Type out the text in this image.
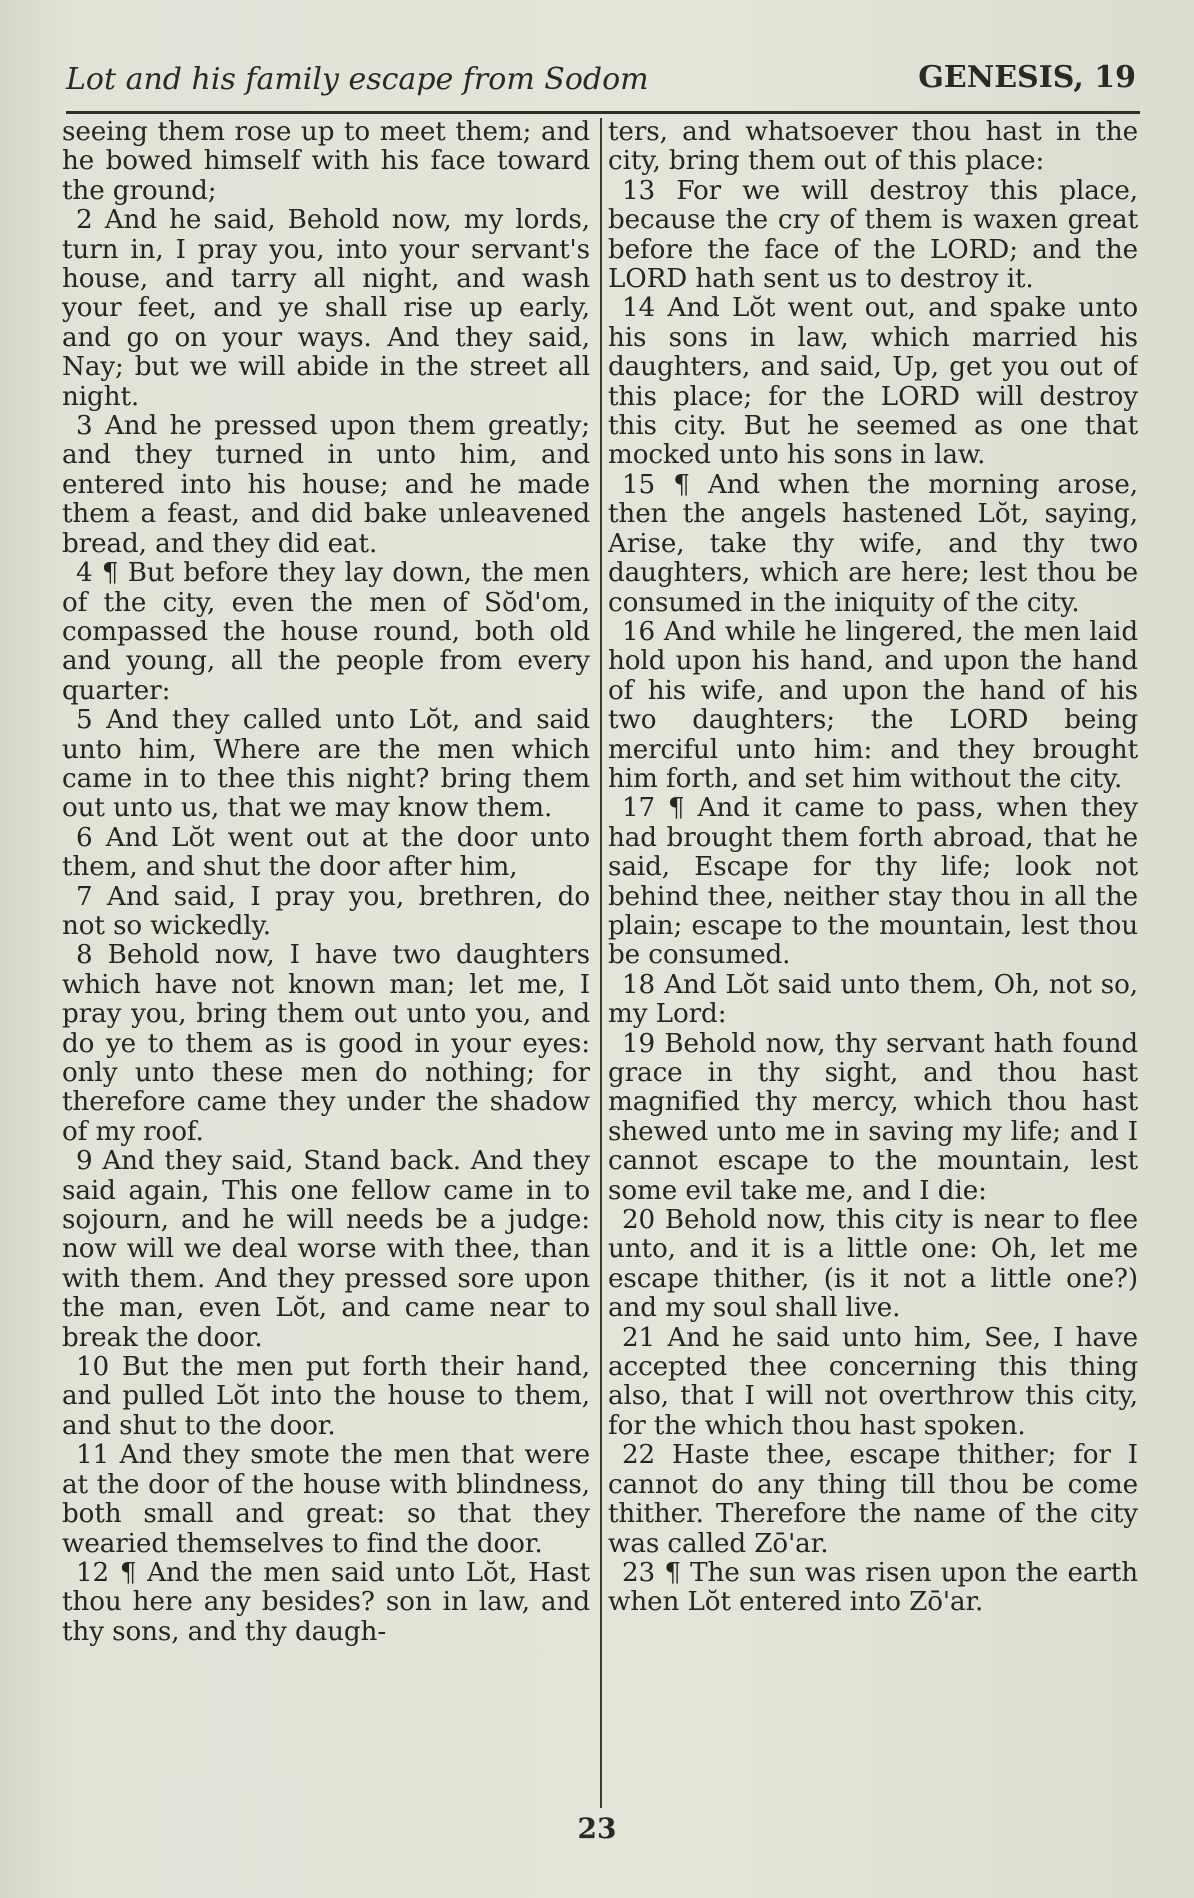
Lot and his family escape from Sodom	GENESIS, 19

seeing them rose up to meet them; and he bowed himself with his face toward the ground;

2 And he said, Behold now, my lords, turn in, I pray you, into your servant's house, and tarry all night, and wash your feet, and ye shall rise up early, and go on your ways. And they said, Nay; but we will abide in the street all night.

3 And he pressed upon them greatly; and they turned in unto him, and entered into his house; and he made them a feast, and did bake unleavened bread, and they did eat.

4 ¶ But before they lay down, the men of the city, even the men of Sŏd'om, compassed the house round, both old and young, all the people from every quarter:

5 And they called unto Lŏt, and said unto him, Where are the men which came in to thee this night? bring them out unto us, that we may know them.

6 And Lŏt went out at the door unto them, and shut the door after him,

7 And said, I pray you, brethren, do not so wickedly.

8 Behold now, I have two daughters which have not known man; let me, I pray you, bring them out unto you, and do ye to them as is good in your eyes: only unto these men do nothing; for therefore came they under the shadow of my roof.

9 And they said, Stand back. And they said again, This one fellow came in to sojourn, and he will needs be a judge: now will we deal worse with thee, than with them. And they pressed sore upon the man, even Lŏt, and came near to break the door.

10 But the men put forth their hand, and pulled Lŏt into the house to them, and shut to the door.

11 And they smote the men that were at the door of the house with blindness, both small and great: so that they wearied themselves to find the door.

12 ¶ And the men said unto Lŏt, Hast thou here any besides? son in law, and thy sons, and thy daugh-

ters, and whatsoever thou hast in the city, bring them out of this place:

13 For we will destroy this place, because the cry of them is waxen great before the face of the LORD; and the LORD hath sent us to destroy it.

14 And Lŏt went out, and spake unto his sons in law, which married his daughters, and said, Up, get you out of this place; for the LORD will destroy this city. But he seemed as one that mocked unto his sons in law.

15 ¶ And when the morning arose, then the angels hastened Lŏt, saying, Arise, take thy wife, and thy two daughters, which are here; lest thou be consumed in the iniquity of the city.

16 And while he lingered, the men laid hold upon his hand, and upon the hand of his wife, and upon the hand of his two daughters; the LORD being merciful unto him: and they brought him forth, and set him without the city.

17 ¶ And it came to pass, when they had brought them forth abroad, that he said, Escape for thy life; look not behind thee, neither stay thou in all the plain; escape to the mountain, lest thou be consumed.

18 And Lŏt said unto them, Oh, not so, my Lord:

19 Behold now, thy servant hath found grace in thy sight, and thou hast magnified thy mercy, which thou hast shewed unto me in saving my life; and I cannot escape to the mountain, lest some evil take me, and I die:

20 Behold now, this city is near to flee unto, and it is a little one: Oh, let me escape thither, (is it not a little one?) and my soul shall live.

21 And he said unto him, See, I have accepted thee concerning this thing also, that I will not overthrow this city, for the which thou hast spoken.

22 Haste thee, escape thither; for I cannot do any thing till thou be come thither. Therefore the name of the city was called Zō'ar.

23 ¶ The sun was risen upon the earth when Lŏt entered into Zō'ar.

23
